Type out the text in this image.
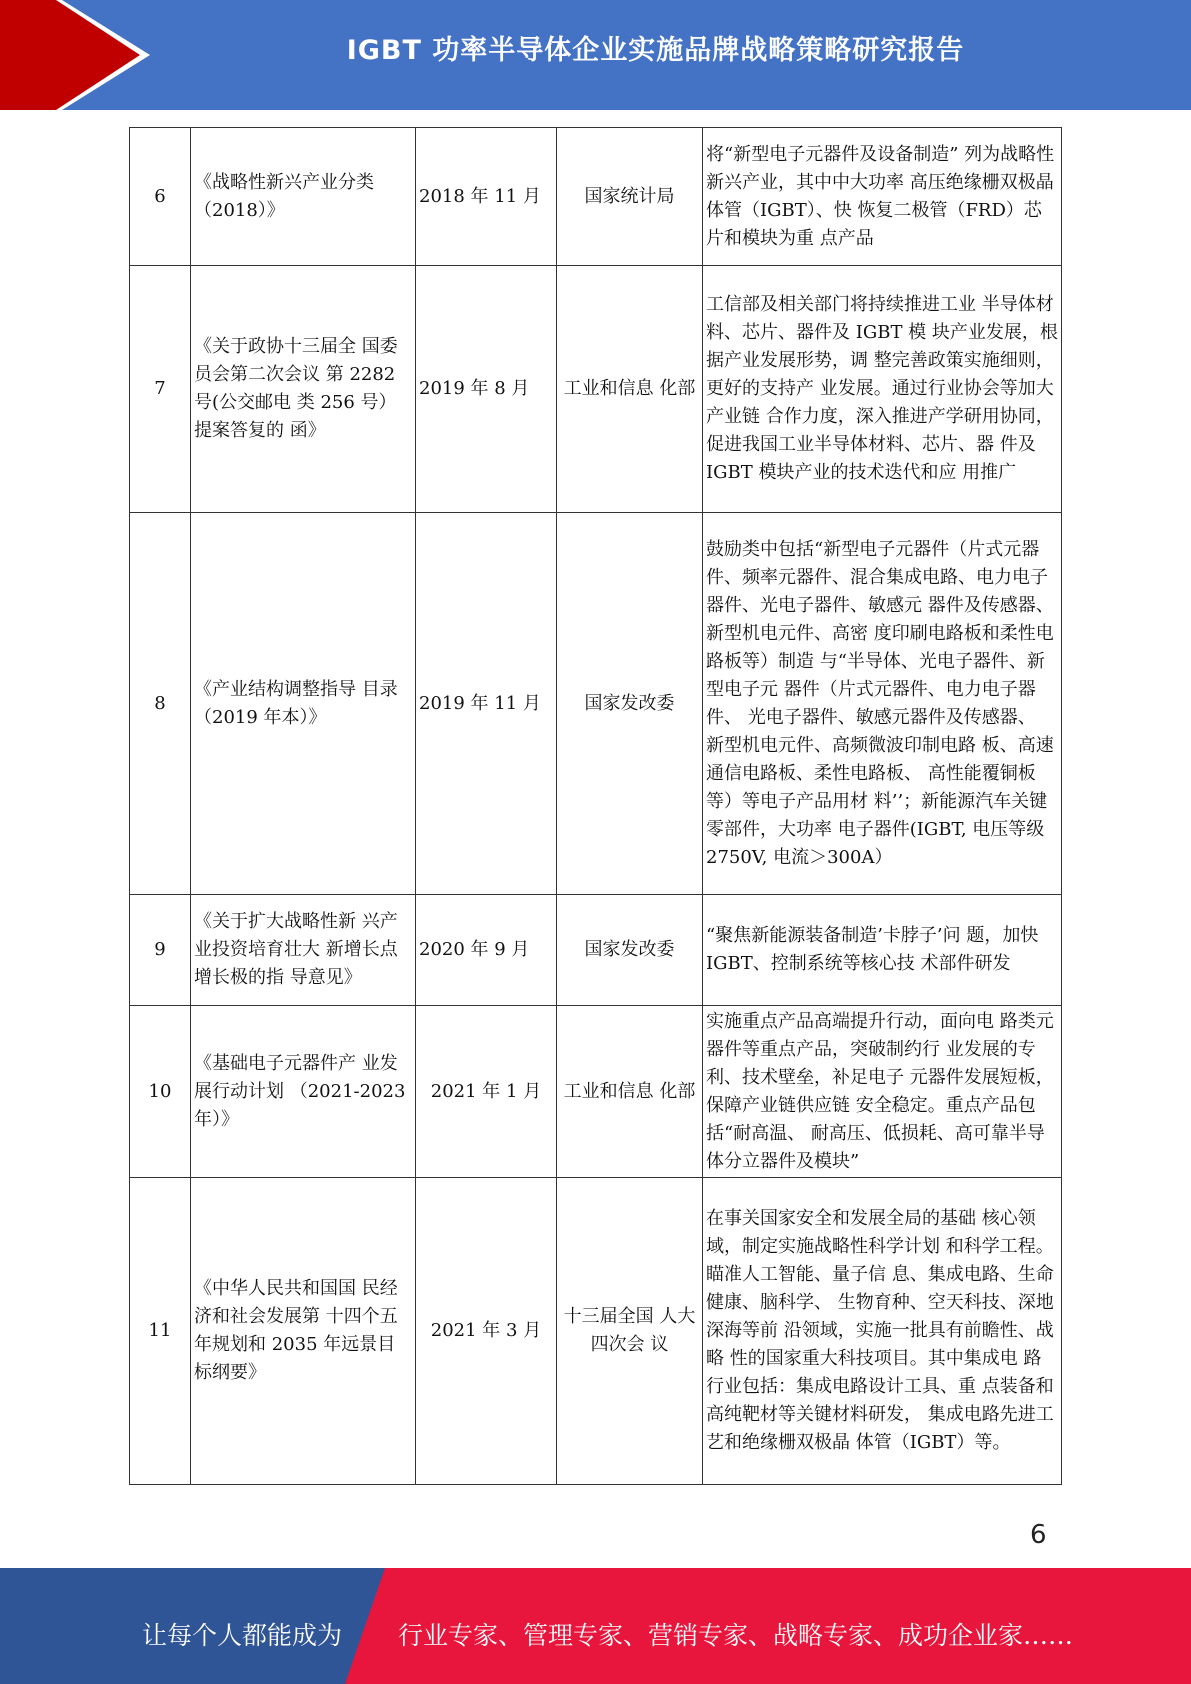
IGBT 功率半导体企业实施品牌战略策略研究报告
6	《战略性新兴产业分类（2018）》	2018 年 11 月	国家统计局	将“新型电子元器件及设备制造” 列为战略性新兴产业，其中中大功率 高压绝缘栅双极晶体管（IGBT）、快 恢复二极管（FRD）芯片和模块为重 点产品
7	《关于政协十三届全 国委员会第二次会议 第 2282 号(公交邮电 类 256 号）提案答复的 函》	2019 年 8 月	工业和信息 化部	工信部及相关部门将持续推进工业 半导体材料、芯片、器件及 IGBT 模 块产业发展，根据产业发展形势，调 整完善政策实施细则，更好的支持产 业发展。通过行业协会等加大产业链 合作力度，深入推进产学研用协同， 促进我国工业半导体材料、芯片、器 件及 IGBT 模块产业的技术迭代和应 用推广
8	《产业结构调整指导 目录（2019 年本）》	2019 年 11 月	国家发改委	鼓励类中包括“新型电子元器件（片式元器件、频率元器件、混合集成电路、电力电子器件、光电子器件、敏感元 器件及传感器、新型机电元件、高密 度印刷电路板和柔性电路板等）制造 与“半导体、光电子器件、新型电子元 器件（片式元器件、电力电子器件、 光电子器件、敏感元器件及传感器、 新型机电元件、高频微波印制电路 板、高速通信电路板、柔性电路板、 高性能覆铜板等）等电子产品用材 料’’；新能源汽车关键零部件，大功率 电子器件(IGBT, 电压等级 2750V, 电流＞300A）
9	《关于扩大战略性新 兴产业投资培育壮大 新增长点增长极的指 导意见》	2020 年 9 月	国家发改委	“聚焦新能源装备制造’卡脖子’问 题，加快 IGBT、控制系统等核心技 术部件研发
10	《基础电子元器件产 业发展行动计划 （2021-2023 年）》	2021 年 1 月	工业和信息 化部	实施重点产品高端提升行动，面向电 路类元器件等重点产品，突破制约行 业发展的专利、技术壁垒，补足电子 元器件发展短板，保障产业链供应链 安全稳定。重点产品包括“耐高温、 耐高压、低损耗、高可靠半导体分立器件及模块”
11	《中华人民共和国国 民经济和社会发展第 十四个五年规划和 2035 年远景目标纲要》	2021 年 3 月	十三届全国 人大四次会 议	在事关国家安全和发展全局的基础 核心领域，制定实施战略性科学计划 和科学工程。瞄准人工智能、量子信 息、集成电路、生命健康、脑科学、 生物育种、空天科技、深地深海等前 沿领域，实施一批具有前瞻性、战略 性的国家重大科技项目。其中集成电 路行业包括：集成电路设计工具、重 点装备和高纯靶材等关键材料研发， 集成电路先进工艺和绝缘栅双极晶 体管（IGBT）等。
6
让每个人都能成为 行业专家、管理专家、营销专家、战略专家、成功企业家……
